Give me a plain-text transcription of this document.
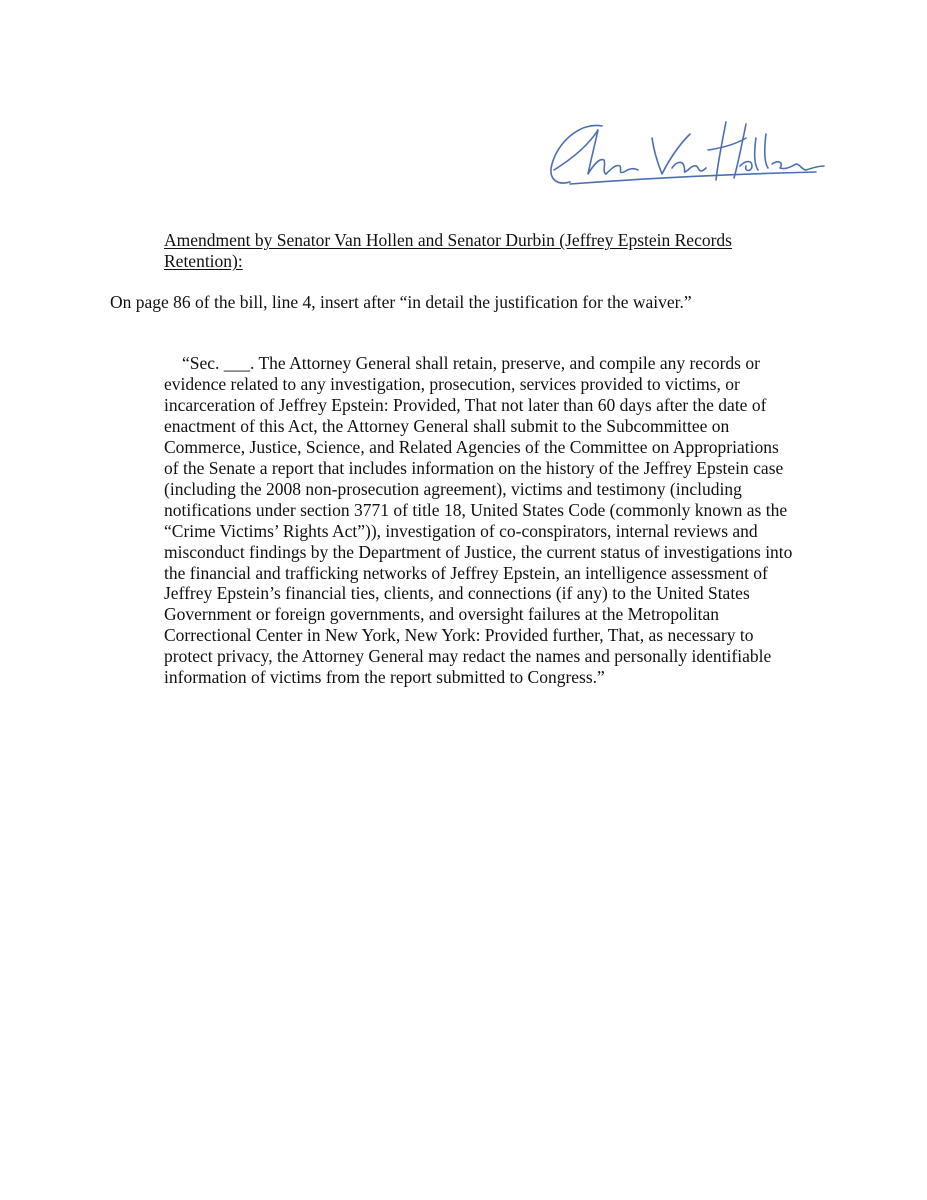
Amendment by Senator Van Hollen and Senator Durbin (Jeffrey Epstein Records
Retention):
On page 86 of the bill, line 4, insert after “in detail the justification for the waiver.”
“Sec. ___. The Attorney General shall retain, preserve, and compile any records or
evidence related to any investigation, prosecution, services provided to victims, or
incarceration of Jeffrey Epstein: Provided, That not later than 60 days after the date of
enactment of this Act, the Attorney General shall submit to the Subcommittee on
Commerce, Justice, Science, and Related Agencies of the Committee on Appropriations
of the Senate a report that includes information on the history of the Jeffrey Epstein case
(including the 2008 non-prosecution agreement), victims and testimony (including
notifications under section 3771 of title 18, United States Code (commonly known as the
“Crime Victims’ Rights Act”)), investigation of co-conspirators, internal reviews and
misconduct findings by the Department of Justice, the current status of investigations into
the financial and trafficking networks of Jeffrey Epstein, an intelligence assessment of
Jeffrey Epstein’s financial ties, clients, and connections (if any) to the United States
Government or foreign governments, and oversight failures at the Metropolitan
Correctional Center in New York, New York: Provided further, That, as necessary to
protect privacy, the Attorney General may redact the names and personally identifiable
information of victims from the report submitted to Congress.”
